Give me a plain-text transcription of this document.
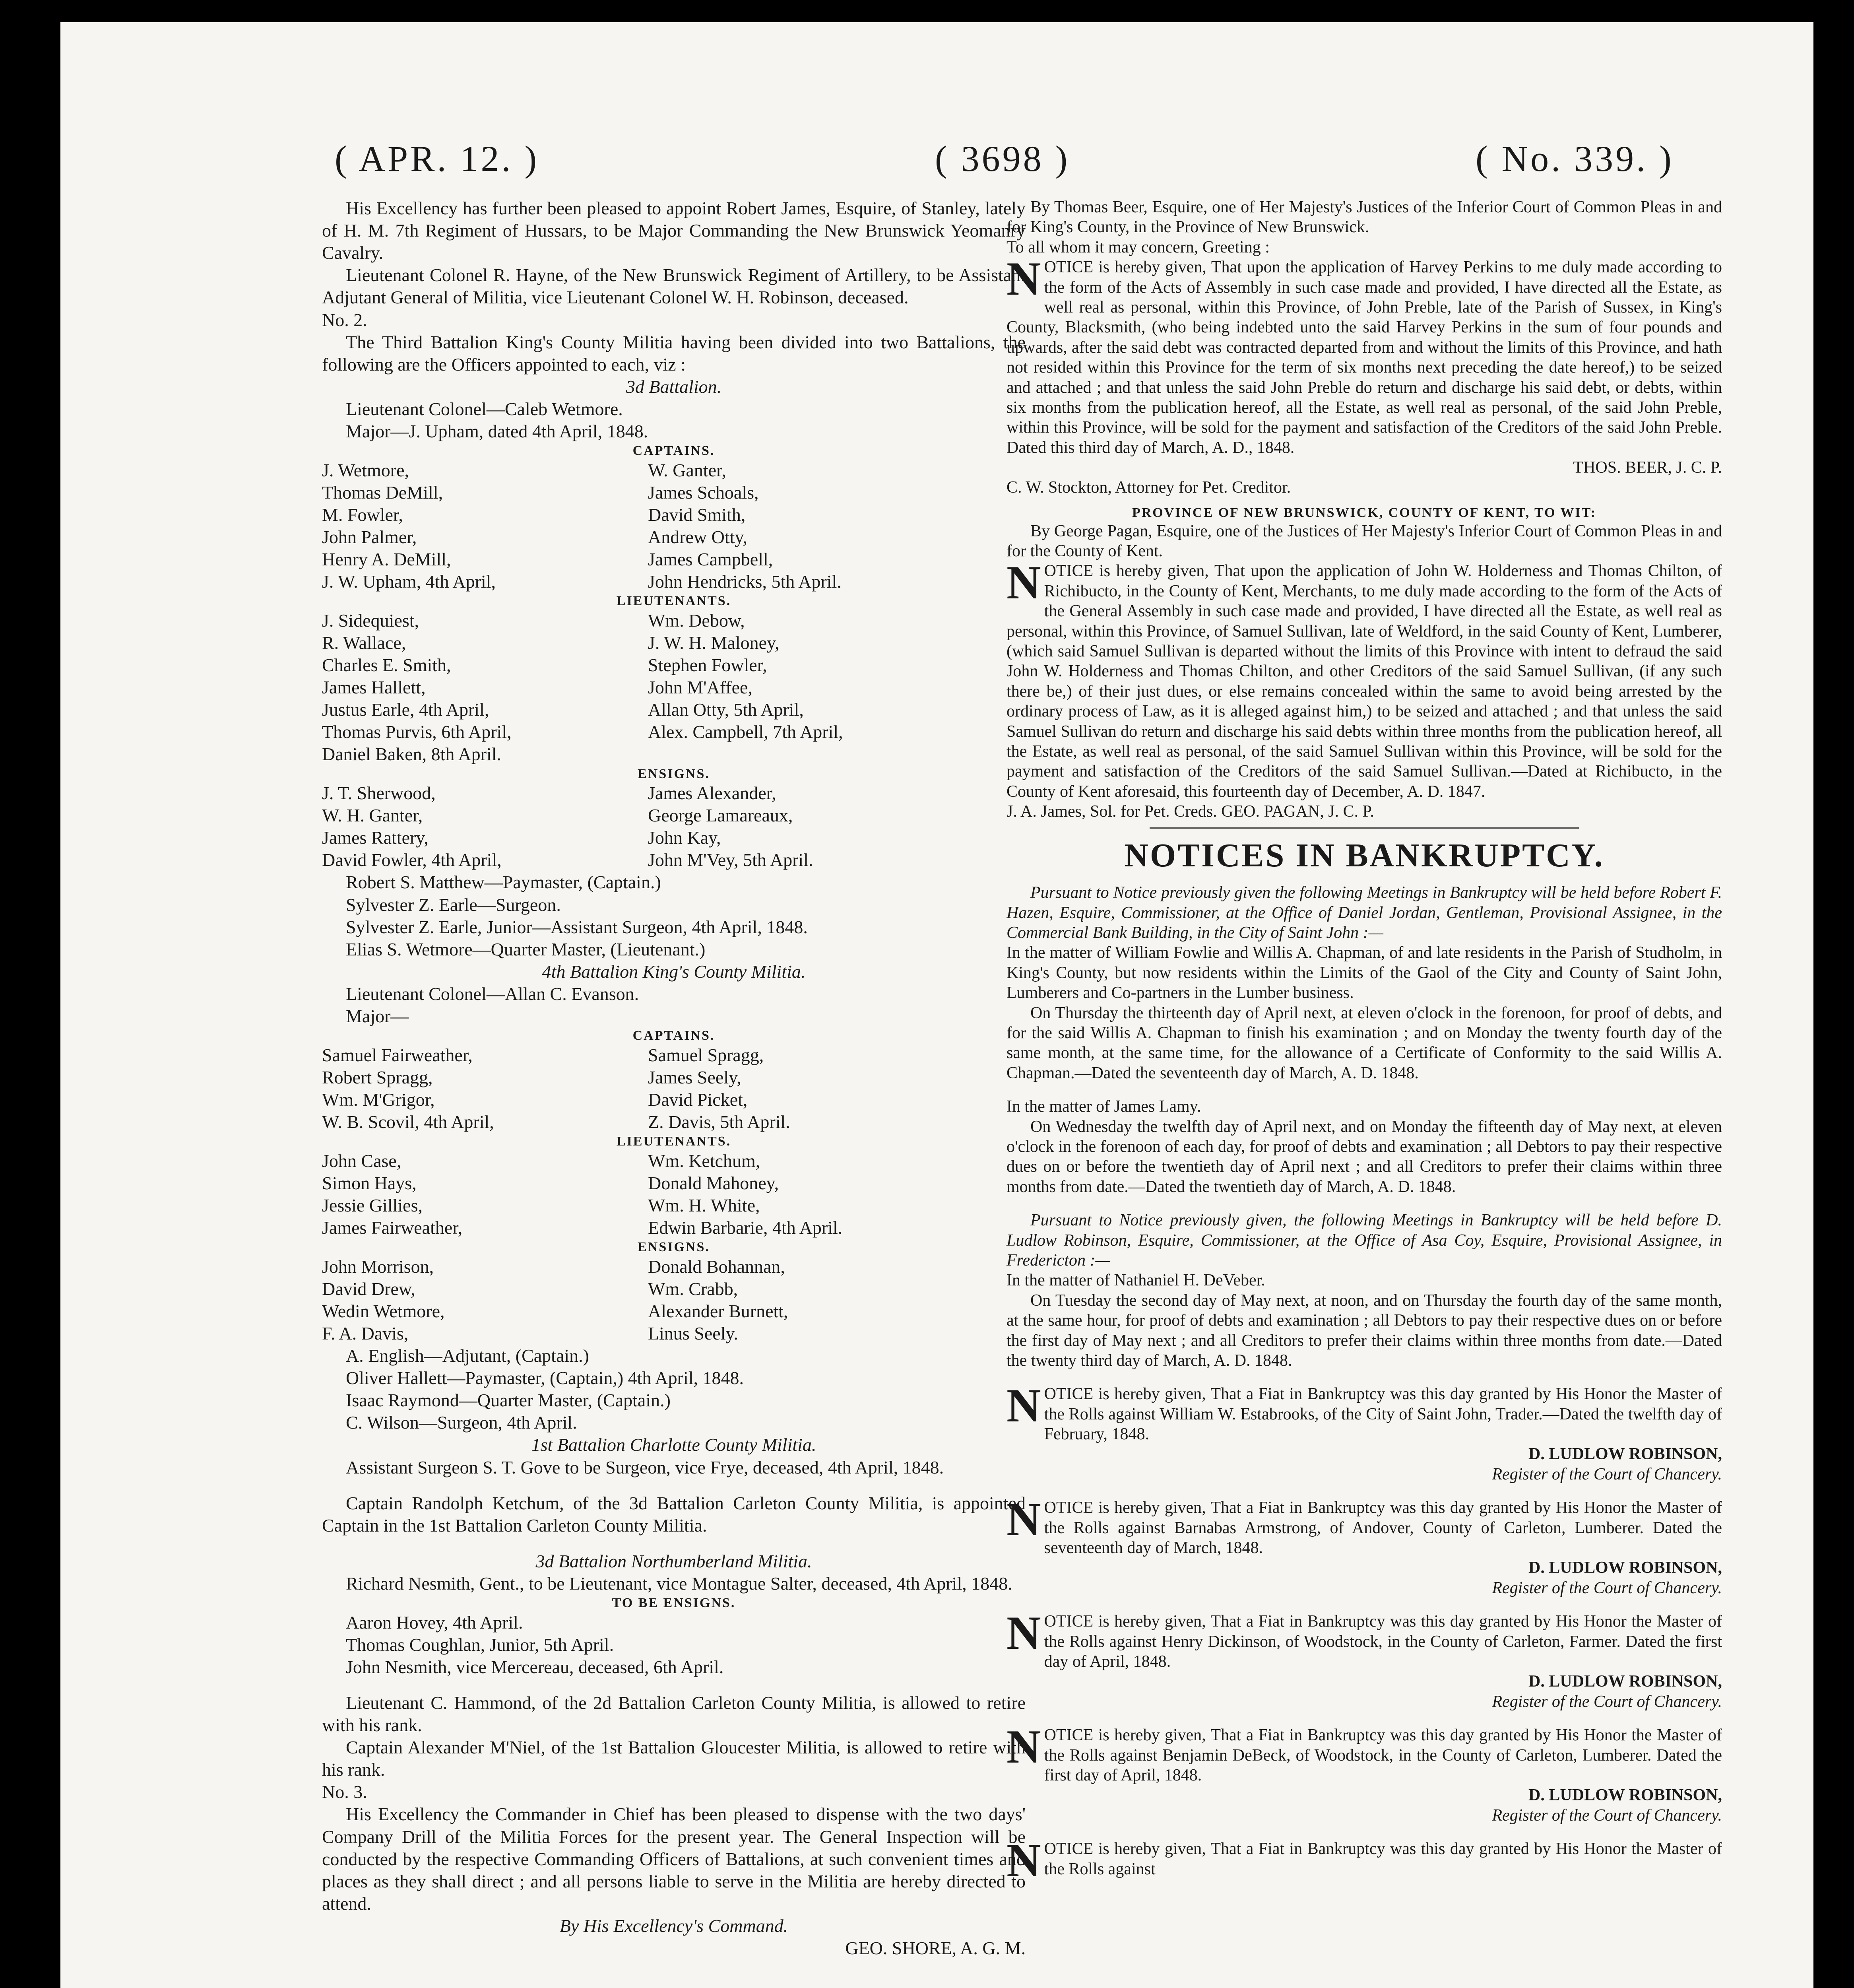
( APR. 12. )	( 3698 )	( No. 339. )

His Excellency has further been pleased to appoint Robert James, Esquire, of Stanley, lately of H. M. 7th Regiment of Hussars, to be Major Commanding the New Brunswick Yeomanry Cavalry.

Lieutenant Colonel R. Hayne, of the New Brunswick Regiment of Artillery, to be Assistant Adjutant General of Militia, vice Lieutenant Colonel W. H. Robinson, deceased.

No. 2.

The Third Battalion King's County Militia having been divided into two Battalions, the following are the Officers appointed to each, viz :

3d Battalion.

Lieutenant Colonel—Caleb Wetmore.

Major—J. Upham, dated 4th April, 1848.

CAPTAINS.
J. Wetmore,	W. Ganter,
Thomas DeMill,	James Schoals,
M. Fowler,	David Smith,
John Palmer,	Andrew Otty,
Henry A. DeMill,	James Campbell,
J. W. Upham, 4th April,	John Hendricks, 5th April.
LIEUTENANTS.
J. Sidequiest,	Wm. Debow,
R. Wallace,	J. W. H. Maloney,
Charles E. Smith,	Stephen Fowler,
James Hallett,	John M'Affee,
Justus Earle, 4th April,	Allan Otty, 5th April,
Thomas Purvis, 6th April,	Alex. Campbell, 7th April,
Daniel Baken, 8th April.
ENSIGNS.
J. T. Sherwood,	James Alexander,
W. H. Ganter,	George Lamareaux,
James Rattery,	John Kay,
David Fowler, 4th April,	John M'Vey, 5th April.

Robert S. Matthew—Paymaster, (Captain.)

Sylvester Z. Earle—Surgeon.

Sylvester Z. Earle, Junior—Assistant Surgeon, 4th April, 1848.

Elias S. Wetmore—Quarter Master, (Lieutenant.)

4th Battalion King's County Militia.

Lieutenant Colonel—Allan C. Evanson.

Major—

CAPTAINS.
Samuel Fairweather,	Samuel Spragg,
Robert Spragg,	James Seely,
Wm. M'Grigor,	David Picket,
W. B. Scovil, 4th April,	Z. Davis, 5th April.
LIEUTENANTS.
John Case,	Wm. Ketchum,
Simon Hays,	Donald Mahoney,
Jessie Gillies,	Wm. H. White,
James Fairweather,	Edwin Barbarie, 4th April.
ENSIGNS.
John Morrison,	Donald Bohannan,
David Drew,	Wm. Crabb,
Wedin Wetmore,	Alexander Burnett,
F. A. Davis,	Linus Seely.

A. English—Adjutant, (Captain.)

Oliver Hallett—Paymaster, (Captain,) 4th April, 1848.

Isaac Raymond—Quarter Master, (Captain.)

C. Wilson—Surgeon, 4th April.

1st Battalion Charlotte County Militia.

Assistant Surgeon S. T. Gove to be Surgeon, vice Frye, deceased, 4th April, 1848.

Captain Randolph Ketchum, of the 3d Battalion Carleton County Militia, is appointed Captain in the 1st Battalion Carleton County Militia.

3d Battalion Northumberland Militia.

Richard Nesmith, Gent., to be Lieutenant, vice Montague Salter, deceased, 4th April, 1848.

TO BE ENSIGNS.

Aaron Hovey, 4th April.

Thomas Coughlan, Junior, 5th April.

John Nesmith, vice Mercereau, deceased, 6th April.

Lieutenant C. Hammond, of the 2d Battalion Carleton County Militia, is allowed to retire with his rank.

Captain Alexander M'Niel, of the 1st Battalion Gloucester Militia, is allowed to retire with his rank.

No. 3.

His Excellency the Commander in Chief has been pleased to dispense with the two days' Company Drill of the Militia Forces for the present year. The General Inspection will be conducted by the respective Commanding Officers of Battalions, at such convenient times and places as they shall direct ; and all persons liable to serve in the Militia are hereby directed to attend.

By His Excellency's Command.

GEO. SHORE, A. G. M.

By Thomas Beer, Esquire, one of Her Majesty's Justices of the Inferior Court of Common Pleas in and for King's County, in the Province of New Brunswick.

To all whom it may concern, Greeting :

NOTICE is hereby given, That upon the application of Harvey Perkins to me duly made according to the form of the Acts of Assembly in such case made and provided, I have directed all the Estate, as well real as personal, within this Province, of John Preble, late of the Parish of Sussex, in King's County, Blacksmith, (who being indebted unto the said Harvey Perkins in the sum of four pounds and upwards, after the said debt was contracted departed from and without the limits of this Province, and hath not resided within this Province for the term of six months next preceding the date hereof,) to be seized and attached ; and that unless the said John Preble do return and discharge his said debt, or debts, within six months from the publication hereof, all the Estate, as well real as personal, of the said John Preble, within this Province, will be sold for the payment and satisfaction of the Creditors of the said John Preble. Dated this third day of March, A. D., 1848.

THOS. BEER, J. C. P.

C. W. Stockton, Attorney for Pet. Creditor.

PROVINCE OF NEW BRUNSWICK, COUNTY OF KENT, TO WIT:

By George Pagan, Esquire, one of the Justices of Her Majesty's Inferior Court of Common Pleas in and for the County of Kent.

NOTICE is hereby given, That upon the application of John W. Holderness and Thomas Chilton, of Richibucto, in the County of Kent, Merchants, to me duly made according to the form of the Acts of the General Assembly in such case made and provided, I have directed all the Estate, as well real as personal, within this Province, of Samuel Sullivan, late of Weldford, in the said County of Kent, Lumberer, (which said Samuel Sullivan is departed without the limits of this Province with intent to defraud the said John W. Holderness and Thomas Chilton, and other Creditors of the said Samuel Sullivan, (if any such there be,) of their just dues, or else remains concealed within the same to avoid being arrested by the ordinary process of Law, as it is alleged against him,) to be seized and attached ; and that unless the said Samuel Sullivan do return and discharge his said debts within three months from the publication hereof, all the Estate, as well real as personal, of the said Samuel Sullivan within this Province, will be sold for the payment and satisfaction of the Creditors of the said Samuel Sullivan.—Dated at Richibucto, in the County of Kent aforesaid, this fourteenth day of December, A. D. 1847.

J. A. James, Sol. for Pet. Creds. GEO. PAGAN, J. C. P.

NOTICES IN BANKRUPTCY.

Pursuant to Notice previously given the following Meetings in Bankruptcy will be held before Robert F. Hazen, Esquire, Commissioner, at the Office of Daniel Jordan, Gentleman, Provisional Assignee, in the Commercial Bank Building, in the City of Saint John :—

In the matter of William Fowlie and Willis A. Chapman, of and late residents in the Parish of Studholm, in King's County, but now residents within the Limits of the Gaol of the City and County of Saint John, Lumberers and Co-partners in the Lumber business.

On Thursday the thirteenth day of April next, at eleven o'clock in the forenoon, for proof of debts, and for the said Willis A. Chapman to finish his examination ; and on Monday the twenty fourth day of the same month, at the same time, for the allowance of a Certificate of Conformity to the said Willis A. Chapman.—Dated the seventeenth day of March, A. D. 1848.

In the matter of James Lamy.

On Wednesday the twelfth day of April next, and on Monday the fifteenth day of May next, at eleven o'clock in the forenoon of each day, for proof of debts and examination ; all Debtors to pay their respective dues on or before the twentieth day of April next ; and all Creditors to prefer their claims within three months from date.—Dated the twentieth day of March, A. D. 1848.

Pursuant to Notice previously given, the following Meetings in Bankruptcy will be held before D. Ludlow Robinson, Esquire, Commissioner, at the Office of Asa Coy, Esquire, Provisional Assignee, in Fredericton :—

In the matter of Nathaniel H. DeVeber.

On Tuesday the second day of May next, at noon, and on Thursday the fourth day of the same month, at the same hour, for proof of debts and examination ; all Debtors to pay their respective dues on or before the first day of May next ; and all Creditors to prefer their claims within three months from date.—Dated the twenty third day of March, A. D. 1848.

NOTICE is hereby given, That a Fiat in Bankruptcy was this day granted by His Honor the Master of the Rolls against William W. Estabrooks, of the City of Saint John, Trader.—Dated the twelfth day of February, 1848.

D. LUDLOW ROBINSON,

Register of the Court of Chancery.

NOTICE is hereby given, That a Fiat in Bankruptcy was this day granted by His Honor the Master of the Rolls against Barnabas Armstrong, of Andover, County of Carleton, Lumberer. Dated the seventeenth day of March, 1848.

D. LUDLOW ROBINSON,

Register of the Court of Chancery.

NOTICE is hereby given, That a Fiat in Bankruptcy was this day granted by His Honor the Master of the Rolls against Henry Dickinson, of Woodstock, in the County of Carleton, Farmer. Dated the first day of April, 1848.

D. LUDLOW ROBINSON,

Register of the Court of Chancery.

NOTICE is hereby given, That a Fiat in Bankruptcy was this day granted by His Honor the Master of the Rolls against Benjamin DeBeck, of Woodstock, in the County of Carleton, Lumberer. Dated the first day of April, 1848.

D. LUDLOW ROBINSON,

Register of the Court of Chancery.

NOTICE is hereby given, That a Fiat in Bankruptcy was this day granted by His Honor the Master of the Rolls against
